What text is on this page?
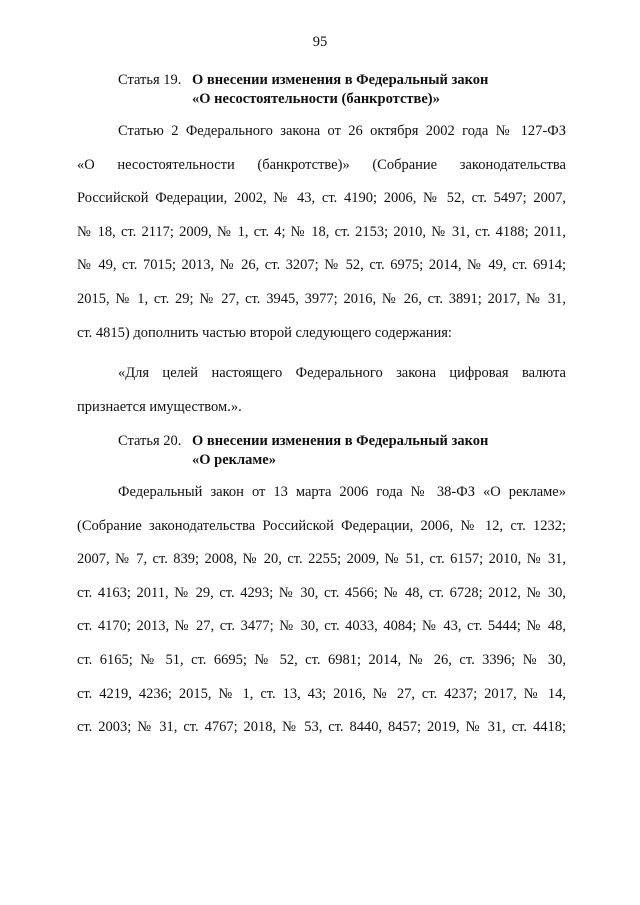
95
Статья 19. О внесении изменения в Федеральный закон
«О несостоятельности (банкротстве)»
Статью 2 Федерального закона от 26 октября 2002 года № 127-ФЗ
«О несостоятельности (банкротстве)» (Собрание законодательства
Российской Федерации, 2002, № 43, ст. 4190; 2006, № 52, ст. 5497; 2007,
№ 18, ст. 2117; 2009, № 1, ст. 4; № 18, ст. 2153; 2010, № 31, ст. 4188; 2011,
№ 49, ст. 7015; 2013, № 26, ст. 3207; № 52, ст. 6975; 2014, № 49, ст. 6914;
2015, № 1, ст. 29; № 27, ст. 3945, 3977; 2016, № 26, ст. 3891; 2017, № 31,
ст. 4815) дополнить частью второй следующего содержания:
«Для целей настоящего Федерального закона цифровая валюта
признается имуществом.».
Статья 20. О внесении изменения в Федеральный закон
«О рекламе»
Федеральный закон от 13 марта 2006 года № 38-ФЗ «О рекламе»
(Собрание законодательства Российской Федерации, 2006, № 12, ст. 1232;
2007, № 7, ст. 839; 2008, № 20, ст. 2255; 2009, № 51, ст. 6157; 2010, № 31,
ст. 4163; 2011, № 29, ст. 4293; № 30, ст. 4566; № 48, ст. 6728; 2012, № 30,
ст. 4170; 2013, № 27, ст. 3477; № 30, ст. 4033, 4084; № 43, ст. 5444; № 48,
ст. 6165; № 51, ст. 6695; № 52, ст. 6981; 2014, № 26, ст. 3396; № 30,
ст. 4219, 4236; 2015, № 1, ст. 13, 43; 2016, № 27, ст. 4237; 2017, № 14,
ст. 2003; № 31, ст. 4767; 2018, № 53, ст. 8440, 8457; 2019, № 31, ст. 4418;
